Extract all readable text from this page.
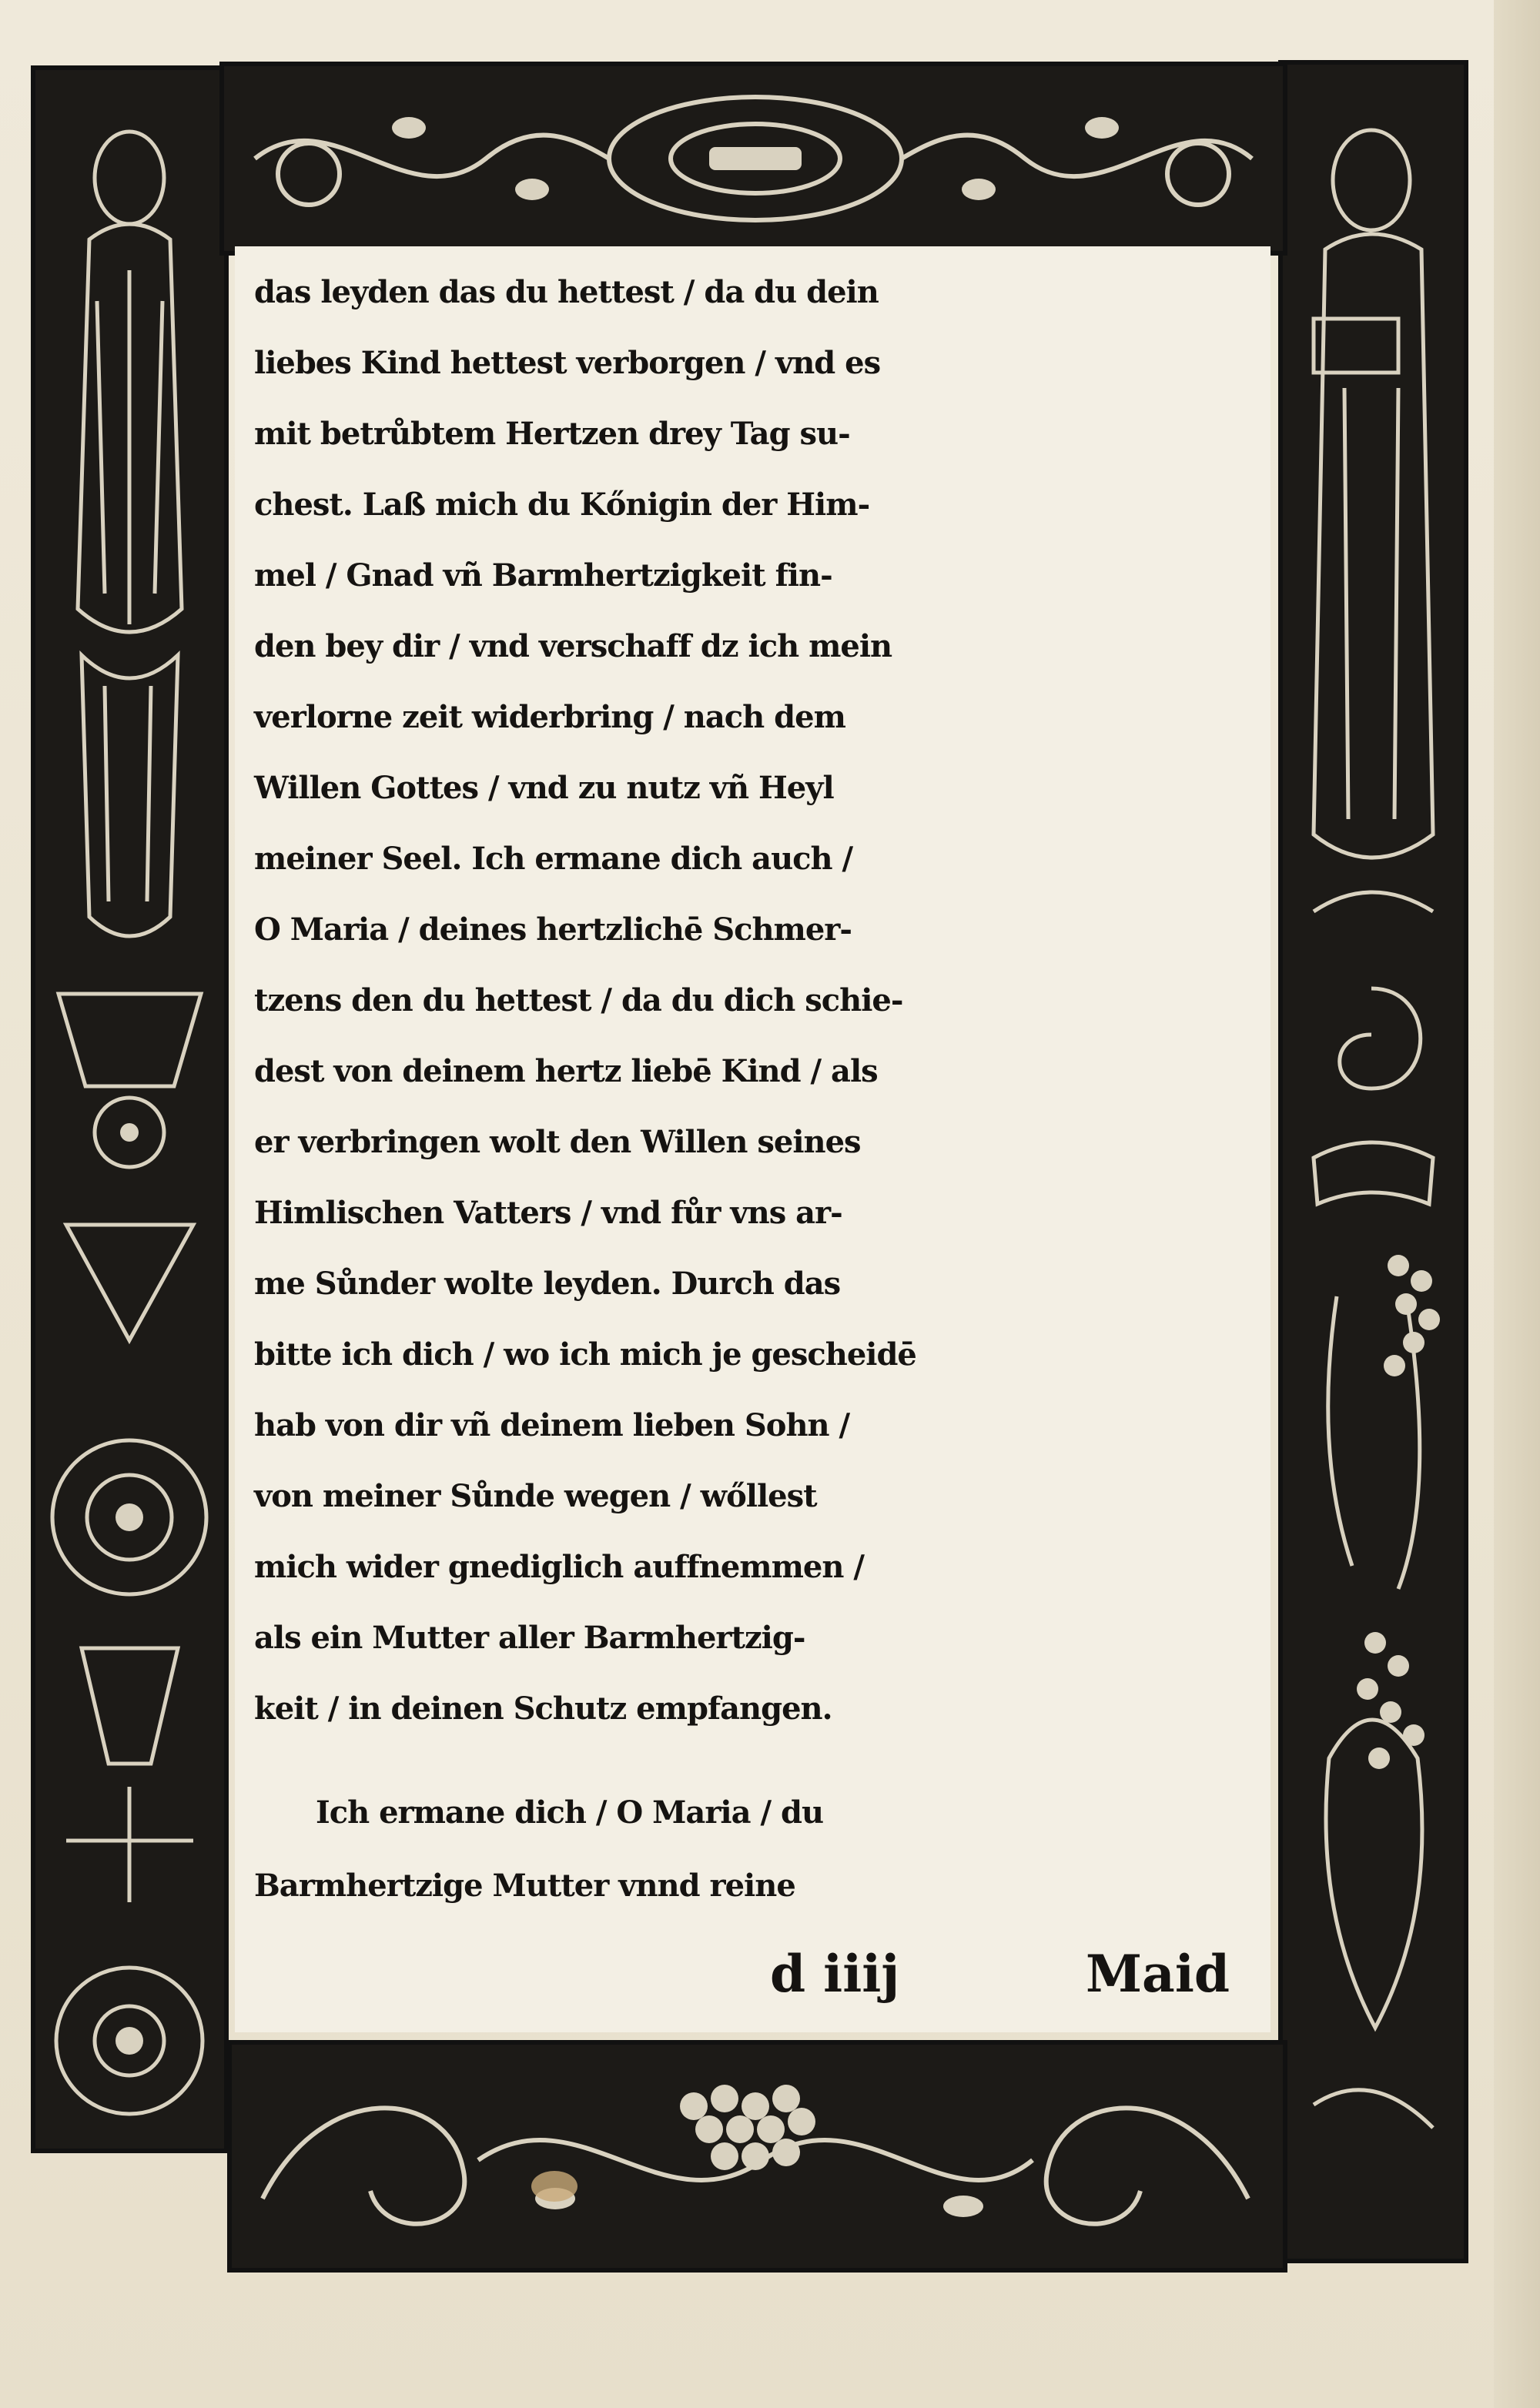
das leyden das du hettest / da du dein
liebes Kind hettest verborgen / vnd es
mit betrůbtem Hertzen drey Tag su-
chest. Laß mich du Kőnigin der Him-
mel / Gnad vñ Barmhertzigkeit fin-
den bey dir / vnd verschaff dz ich mein
verlorne zeit widerbring / nach dem
Willen Gottes / vnd zu nutz vñ Heyl
meiner Seel. Ich ermane dich auch /
O Maria / deines hertzlichē Schmer-
tzens den du hettest / da du dich schie-
dest von deinem hertz liebē Kind / als
er verbringen wolt den Willen seines
Himlischen Vatters / vnd fůr vns ar-
me Sůnder wolte leyden. Durch das
bitte ich dich / wo ich mich je gescheidē
hab von dir vñ deinem lieben Sohn /
von meiner Sůnde wegen / wőllest
mich wider gnediglich auffnemmen /
als ein Mutter aller Barmhertzig-
keit / in deinen Schutz empfangen.
Ich ermane dich / O Maria / du
Barmhertzige Mutter vnnd reine
d iiij	Maid
